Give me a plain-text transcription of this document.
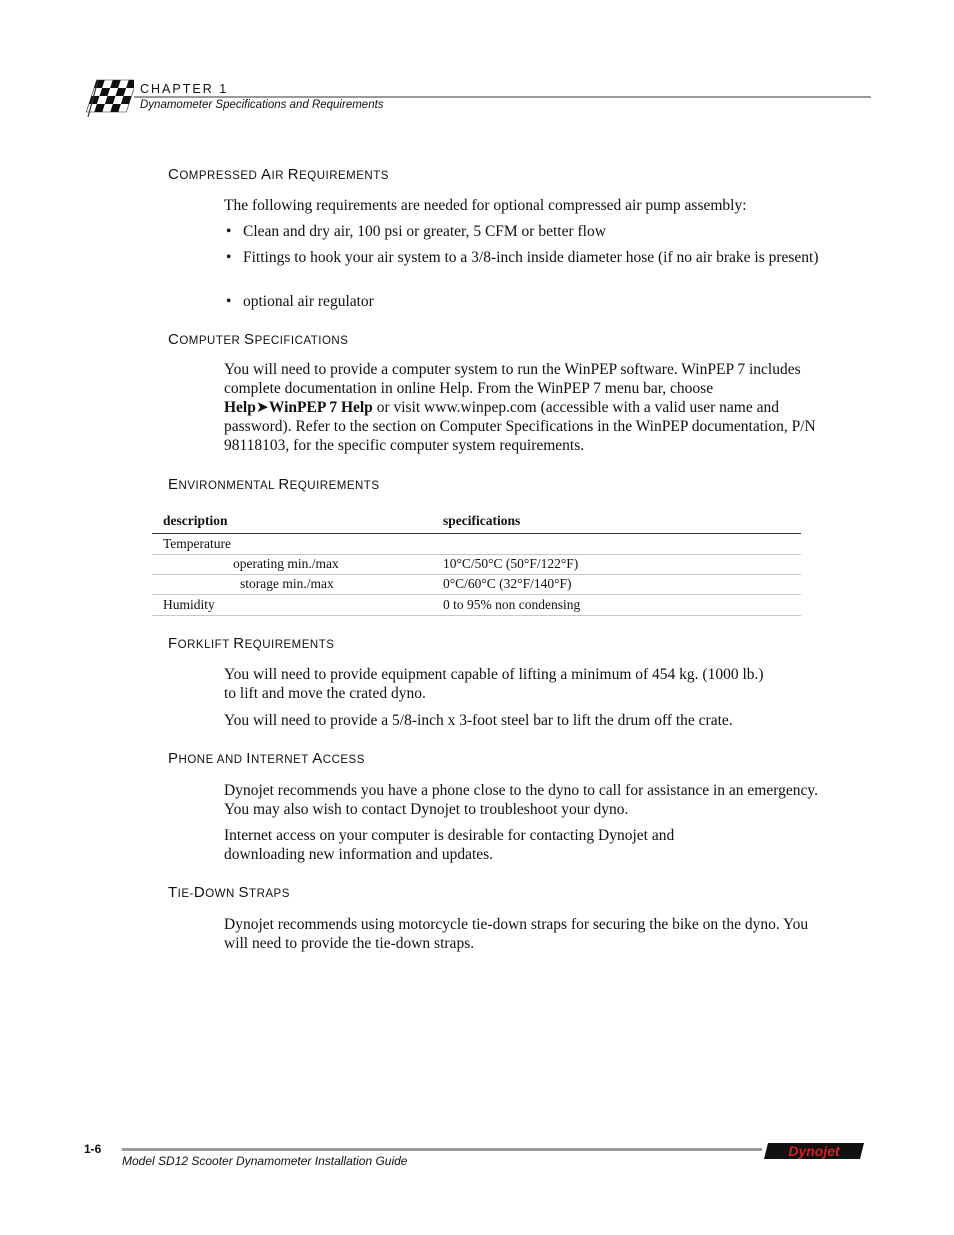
CHAPTER 1
Dynamometer Specifications and Requirements
COMPRESSED AIR REQUIREMENTS
The following requirements are needed for optional compressed air pump assembly:
• Clean and dry air, 100 psi or greater, 5 CFM or better flow
• Fittings to hook your air system to a 3/8-inch inside diameter hose (if no air brake is present)
• optional air regulator
COMPUTER SPECIFICATIONS
You will need to provide a computer system to run the WinPEP software. WinPEP 7 includes complete documentation in online Help. From the WinPEP 7 menu bar, choose Help➤WinPEP 7 Help or visit www.winpep.com (accessible with a valid user name and password). Refer to the section on Computer Specifications in the WinPEP documentation, P/N 98118103, for the specific computer system requirements.
ENVIRONMENTAL REQUIREMENTS
description	specifications
Temperature
operating min./max	10°C/50°C (50°F/122°F)
storage min./max	0°C/60°C (32°F/140°F)
Humidity	0 to 95% non condensing
FORKLIFT REQUIREMENTS
You will need to provide equipment capable of lifting a minimum of 454 kg. (1000 lb.) to lift and move the crated dyno.
You will need to provide a 5/8-inch x 3-foot steel bar to lift the drum off the crate.
PHONE AND INTERNET ACCESS
Dynojet recommends you have a phone close to the dyno to call for assistance in an emergency. You may also wish to contact Dynojet to troubleshoot your dyno.
Internet access on your computer is desirable for contacting Dynojet and downloading new information and updates.
TIE-DOWN STRAPS
Dynojet recommends using motorcycle tie-down straps for securing the bike on the dyno. You will need to provide the tie-down straps.
1-6
Model SD12 Scooter Dynamometer Installation Guide
Dynojet
